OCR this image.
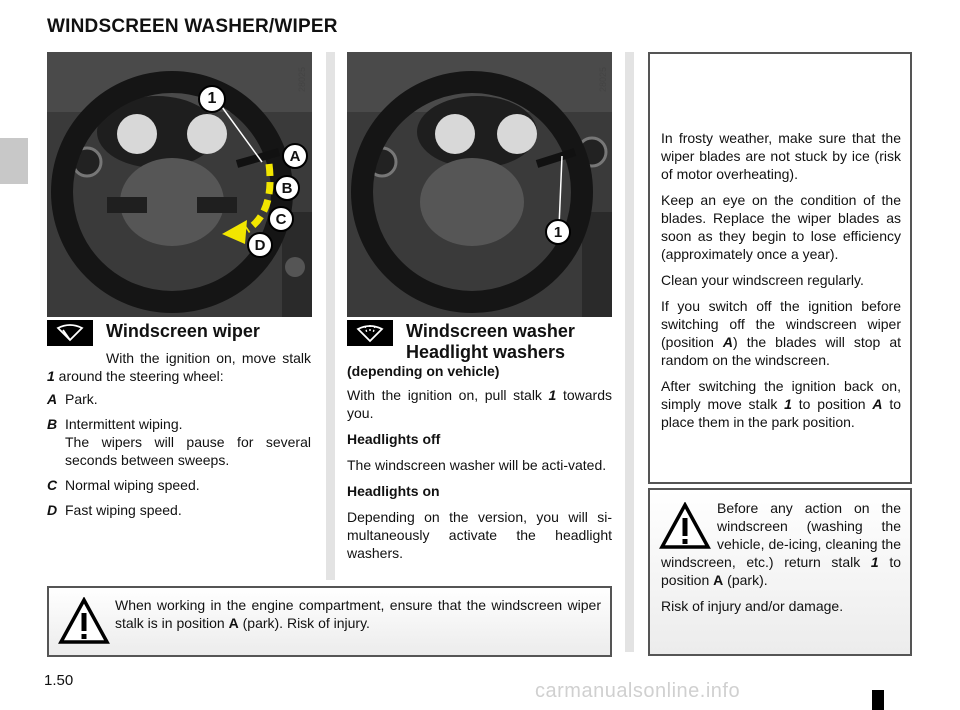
WINDSCREEN WASHER/WIPER
1
A
B
C
D
28025
1
28025
Windscreen wiper

With the ignition on, move stalk 1 around the steering wheel:

A Park.
B Intermittent wiping.
The wipers will pause for several seconds between sweeps.
C Normal wiping speed.
D Fast wiping speed.
Windscreen washer
Headlight washers

(depending on vehicle)

With the ignition on, pull stalk 1 towards you.

Headlights off

The windscreen washer will be acti-vated.

Headlights on

Depending on the version, you will si-multaneously activate the headlight washers.

In frosty weather, make sure that the wiper blades are not stuck by ice (risk of motor overheating).

Keep an eye on the condition of the blades. Replace the wiper blades as soon as they begin to lose efficiency (approximately once a year).

Clean your windscreen regularly.

If you switch off the ignition before switching off the windscreen wiper (position A) the blades will stop at random on the windscreen.

After switching the ignition back on, simply move stalk 1 to position A to place them in the park position.

Before any action on the windscreen (washing the vehicle, de-icing, cleaning the windscreen, etc.) return stalk 1 to position A (park).

Risk of injury and/or damage.

When working in the engine compartment, ensure that the windscreen wiper stalk is in position A (park). Risk of injury.
1.50	carmanualsonline.info
